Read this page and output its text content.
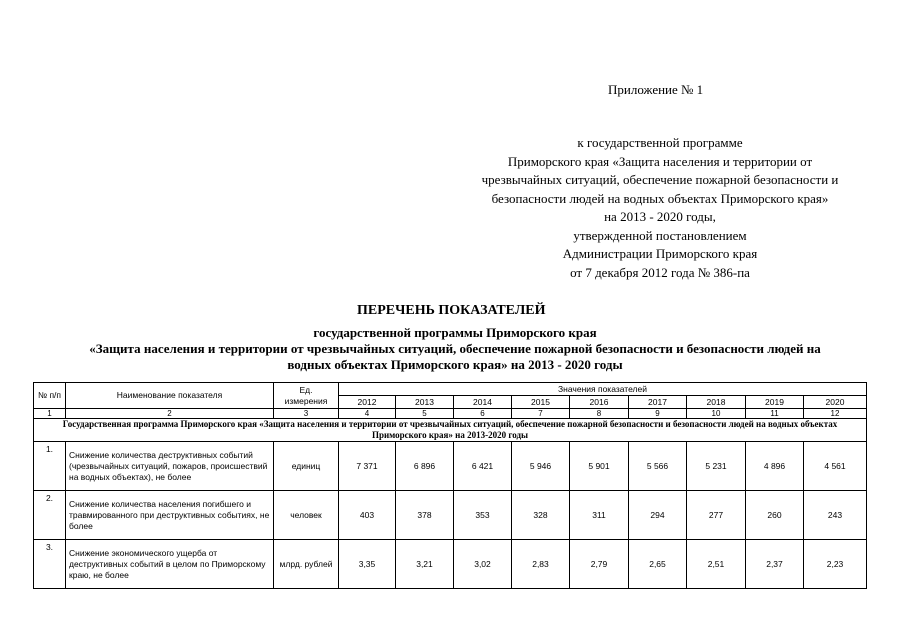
Приложение № 1
к государственной программе
Приморского края «Защита населения и территории от
чрезвычайных ситуаций, обеспечение пожарной безопасности и
безопасности людей на водных объектах Приморского края»
на 2013 - 2020 годы,
утвержденной постановлением
Администрации Приморского края
от 7 декабря 2012 года № 386-па
ПЕРЕЧЕНЬ ПОКАЗАТЕЛЕЙ
государственной программы Приморского края
«Защита населения и территории от чрезвычайных ситуаций, обеспечение пожарной безопасности и безопасности людей на
водных объектах Приморского края» на 2013 - 2020 годы
№ п/п	Наименование показателя	Ед. измерения	Значения показателей								
			2012	2013	2014	2015	2016	2017	2018	2019	2020
1	2	3	4	5	6	7	8	9	10	11	12
Государственная программа Приморского края «Защита населения и территории от чрезвычайных ситуаций, обеспечение пожарной безопасности и безопасности людей на водных объектах Приморского края» на 2013-2020 годы											
1.	Снижение количества деструктивных событий (чрезвычайных ситуаций, пожаров, происшествий на водных объектах), не более	единиц	7 371	6 896	6 421	5 946	5 901	5 566	5 231	4 896	4 561
2.	Снижение количества населения погибшего и травмированного при деструктивных событиях, не более	человек	403	378	353	328	311	294	277	260	243
3.	Снижение экономического ущерба от деструктивных событий в целом по Приморскому краю, не более	млрд. рублей	3,35	3,21	3,02	2,83	2,79	2,65	2,51	2,37	2,23
